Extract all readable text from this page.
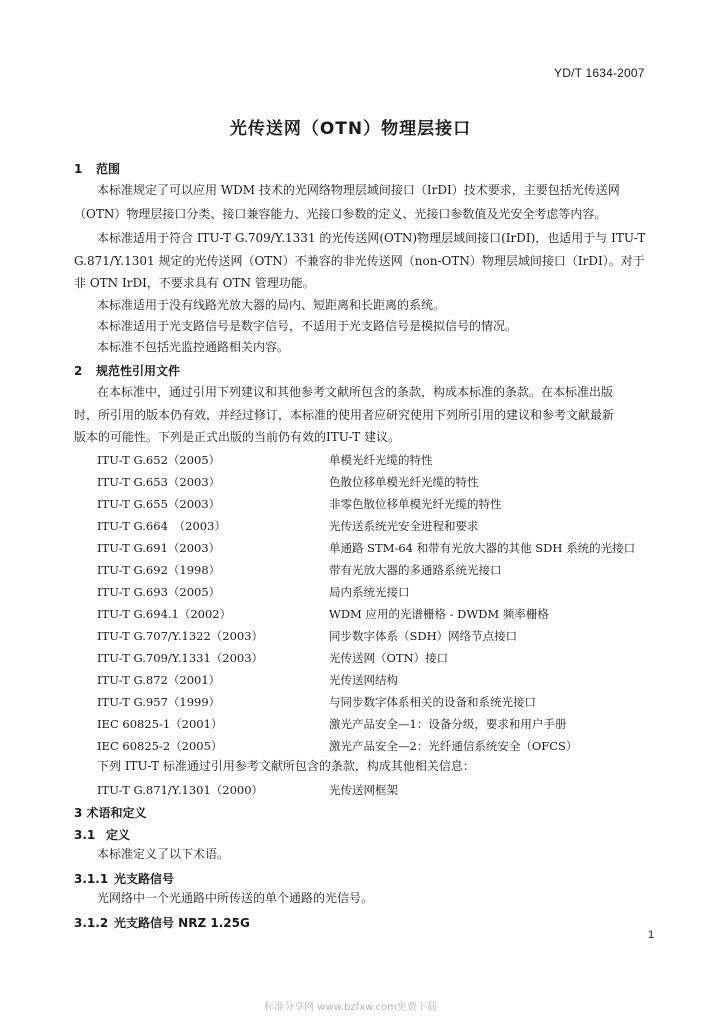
YD/T 1634-2007
光传送网（OTN）物理层接口
1 范围
本标准规定了可以应用 WDM 技术的光网络物理层域间接口（IrDI）技术要求，主要包括光传送网
（OTN）物理层接口分类、接口兼容能力、光接口参数的定义、光接口参数值及光安全考虑等内容。
本标准适用于符合 ITU-T G.709/Y.1331 的光传送网(OTN)物理层域间接口(IrDI)，也适用于与 ITU-T
G.871/Y.1301 规定的光传送网（OTN）不兼容的非光传送网（non-OTN）物理层域间接口（IrDI）。对于
非 OTN IrDI，不要求具有 OTN 管理功能。
本标准适用于没有线路光放大器的局内、短距离和长距离的系统。
本标准适用于光支路信号是数字信号，不适用于光支路信号是模拟信号的情况。
本标准不包括光监控通路相关内容。
2 规范性引用文件
在本标准中，通过引用下列建议和其他参考文献所包含的条款，构成本标准的条款。在本标准出版
时，所引用的版本仍有效，并经过修订，本标准的使用者应研究使用下列所引用的建议和参考文献最新
版本的可能性。下列是正式出版的当前仍有效的ITU-T 建议。
ITU-T G.652（2005）	单模光纤光缆的特性
ITU-T G.653（2003）	色散位移单模光纤光缆的特性
ITU-T G.655（2003）	非零色散位移单模光纤光缆的特性
ITU-T G.664　（2003）	光传送系统光安全进程和要求
ITU-T G.691（2003）	单通路 STM-64 和带有光放大器的其他 SDH 系统的光接口
ITU-T G.692（1998）	带有光放大器的多通路系统光接口
ITU-T G.693（2005）	局内系统光接口
ITU-T G.694.1（2002）	WDM 应用的光谱栅格 - DWDM 频率栅格
ITU-T G.707/Y.1322（2003）	同步数字体系（SDH）网络节点接口
ITU-T G.709/Y.1331（2003）	光传送网（OTN）接口
ITU-T G.872（2001）	光传送网结构
ITU-T G.957（1999）	与同步数字体系相关的设备和系统光接口
IEC 60825-1（2001）	激光产品安全—1：设备分级，要求和用户手册
IEC 60825-2（2005）	激光产品安全—2：光纤通信系统安全（OFCS）
下列 ITU-T 标准通过引用参考文献所包含的条款，构成其他相关信息：
ITU-T G.871/Y.1301（2000）	光传送网框架
3 术语和定义
3.1 定义
本标准定义了以下术语。
3.1.1 光支路信号
光网络中一个光通路中所传送的单个通路的光信号。
3.1.2 光支路信号 NRZ 1.25G
1
标准分享网 www.bzfxw.com免费下载
